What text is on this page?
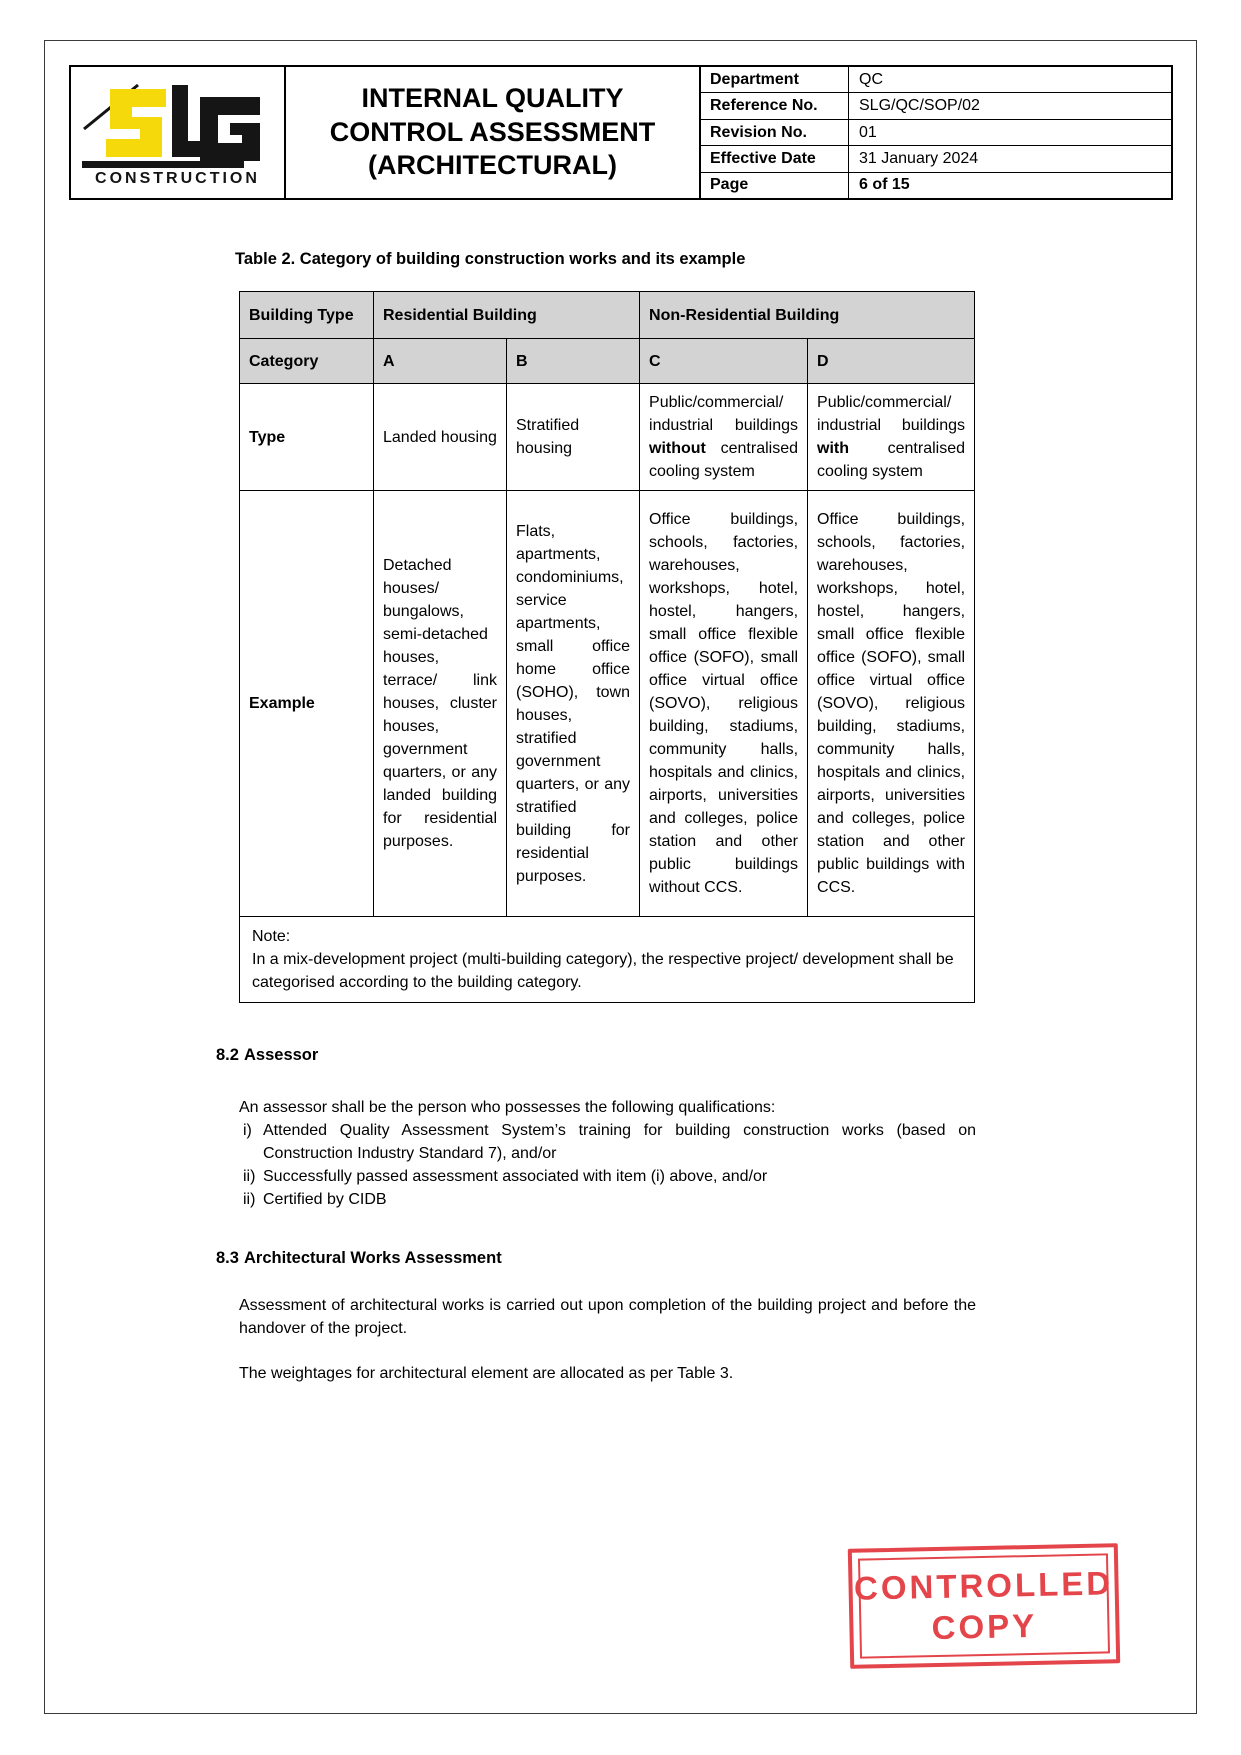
CONSTRUCTION
INTERNAL QUALITY
CONTROL ASSESSMENT
(ARCHITECTURAL)
Department	QC
Reference No.	SLG/QC/SOP/02
Revision No.	01
Effective Date	31 January 2024
Page	6 of 15
Table 2. Category of building construction works and its example
Building Type	Residential Building		Non-Residential Building	
Category	A	B	C	D
Type	Landed housing	Stratified housing	Public/commercial/ industrial buildings without centralised cooling system	Public/commercial/ industrial buildings with centralised cooling system
Example	Detached houses/ bungalows, semi-detached houses, terrace/ link houses, cluster houses, government quarters, or any landed building for residential purposes.	Flats, apartments, condominiums, service apartments, small office home office (SOHO), town houses, stratified government quarters, or any stratified building for residential purposes.	Office buildings, schools, factories, warehouses, workshops, hotel, hostel, hangers, small office flexible office (SOFO), small office virtual office (SOVO), religious building, stadiums, community halls, hospitals and clinics, airports, universities and colleges, police station and other public buildings without CCS.	Office buildings, schools, factories, warehouses, workshops, hotel, hostel, hangers, small office flexible office (SOFO), small office virtual office (SOVO), religious building, stadiums, community halls, hospitals and clinics, airports, universities and colleges, police station and other public buildings with CCS.

Note:
In a mix-development project (multi-building category), the respective project/ development shall be categorised according to the building category.				
8.2 Assessor
An assessor shall be the person who possesses the following qualifications:
i) Attended Quality Assessment System’s training for building construction works (based on Construction Industry Standard 7), and/or
ii) Successfully passed assessment associated with item (i) above, and/or
ii) Certified by CIDB
8.3 Architectural Works Assessment
Assessment of architectural works is carried out upon completion of the building project and before the handover of the project.
The weightages for architectural element are allocated as per Table 3.
CONTROLLED
COPY
